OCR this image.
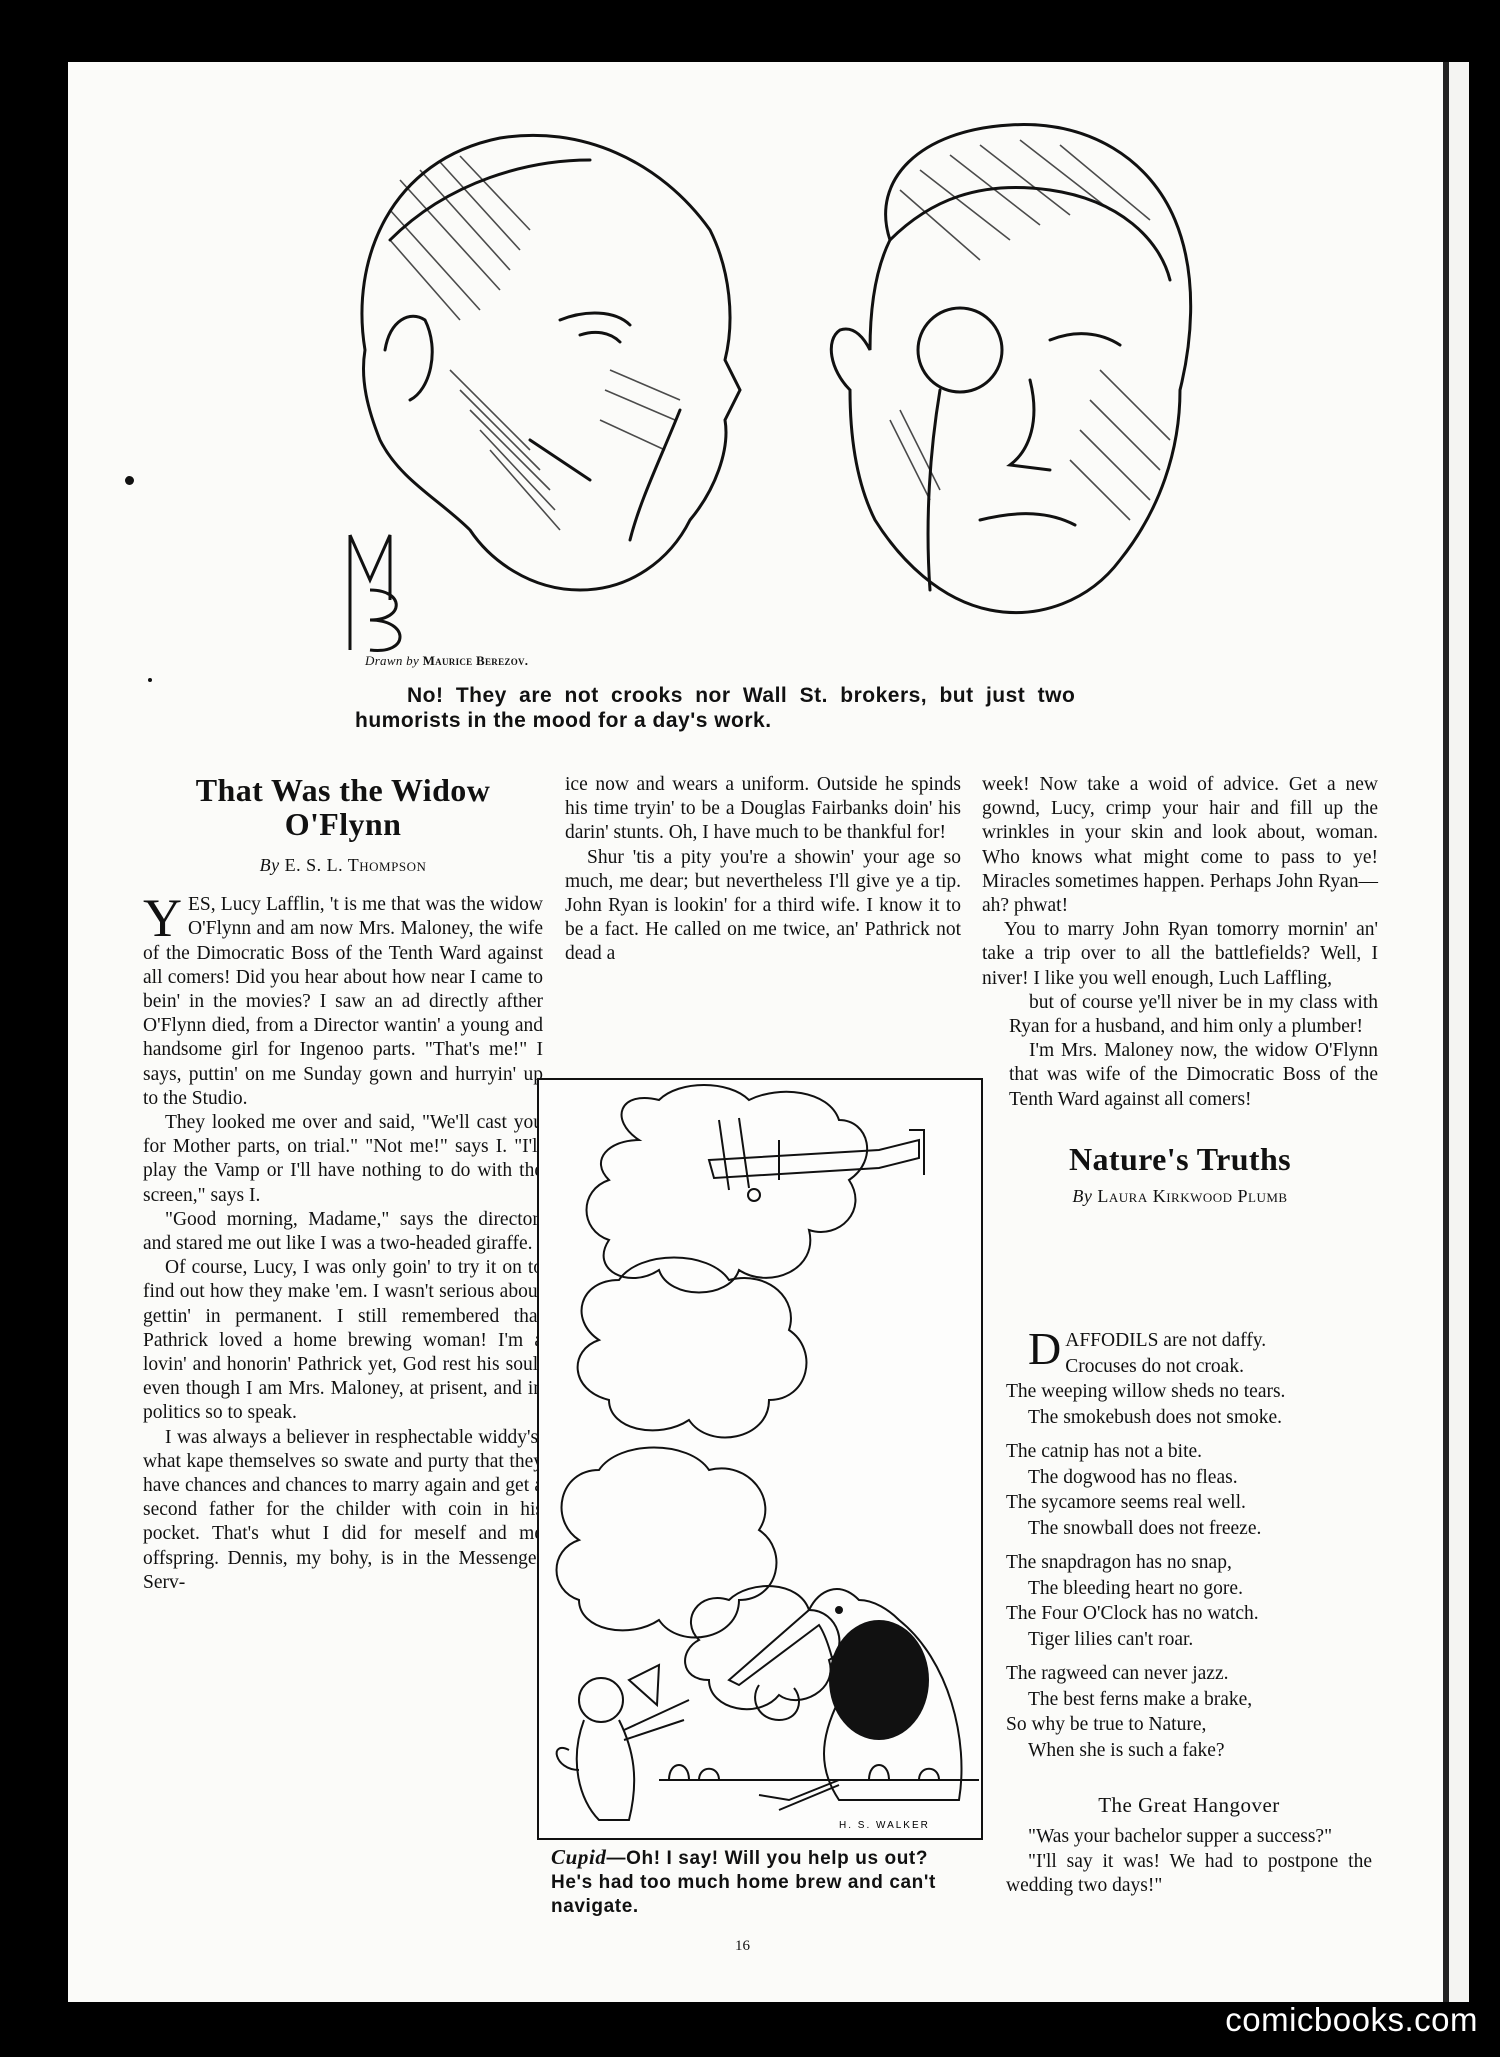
Drawn by Maurice Berezov.
No! They are not crooks nor Wall St. brokers, but just two
humorists in the mood for a day's work.
That Was the Widow O'Flynn
By E. S. L. Thompson

YES, Lucy Lafflin, 't is me that was the widow O'Flynn and am now Mrs. Maloney, the wife of the Dimocratic Boss of the Tenth Ward against all comers! Did you hear about how near I came to bein' in the movies? I saw an ad directly afther O'Flynn died, from a Director wantin' a young and handsome girl for Ingenoo parts. "That's me!" I says, puttin' on me Sunday gown and hurryin' up to the Studio.

They looked me over and said, "We'll cast you for Mother parts, on trial." "Not me!" says I. "I'll play the Vamp or I'll have nothing to do with the screen," says I.

"Good morning, Madame," says the director, and stared me out like I was a two-headed giraffe.

Of course, Lucy, I was only goin' to try it on to find out how they make 'em. I wasn't serious about gettin' in permanent. I still remembered that Pathrick loved a home brewing woman! I'm a lovin' and honorin' Pathrick yet, God rest his soul, even though I am Mrs. Maloney, at prisent, and in politics so to speak.

I was always a believer in resphectable widdy's, what kape themselves so swate and purty that they have chances and chances to marry again and get a second father for the childer with coin in his pocket. That's whut I did for meself and me offspring. Dennis, my bohy, is in the Messenger Serv-

ice now and wears a uniform. Outside he spinds his time tryin' to be a Douglas Fairbanks doin' his darin' stunts. Oh, I have much to be thankful for!

Shur 'tis a pity you're a showin' your age so much, me dear; but nevertheless I'll give ye a tip. John Ryan is lookin' for a third wife. I know it to be a fact. He called on me twice, an' Pathrick not dead a

H. S. WALKER
Cupid—Oh! I say! Will you help us out? He's had too much home brew and can't navigate.

week! Now take a woid of advice. Get a new gownd, Lucy, crimp your hair and fill up the wrinkles in your skin and look about, woman. Who knows what might come to pass to ye! Miracles sometimes happen. Perhaps John Ryan—ah? phwat!

You to marry John Ryan tomorry mornin' an' take a trip over to all the battlefields? Well, I niver! I like you well enough, Luch Laffling,

but of course ye'll niver be in my class with Ryan for a husband, and him only a plumber!

I'm Mrs. Maloney now, the widow O'Flynn that was wife of the Dimocratic Boss of the Tenth Ward against all comers!

Nature's Truths
By Laura Kirkwood Plumb
DAFFODILS are not daffy.
Crocuses do not croak.
The weeping willow sheds no tears.
The smokebush does not smoke.
The catnip has not a bite.
The dogwood has no fleas.
The sycamore seems real well.
The snowball does not freeze.
The snapdragon has no snap,
The bleeding heart no gore.
The Four O'Clock has no watch.
Tiger lilies can't roar.
The ragweed can never jazz.
The best ferns make a brake,
So why be true to Nature,
When she is such a fake?
The Great Hangover

"Was your bachelor supper a success?"

"I'll say it was! We had to postpone the wedding two days!"

16
comicbooks.com
